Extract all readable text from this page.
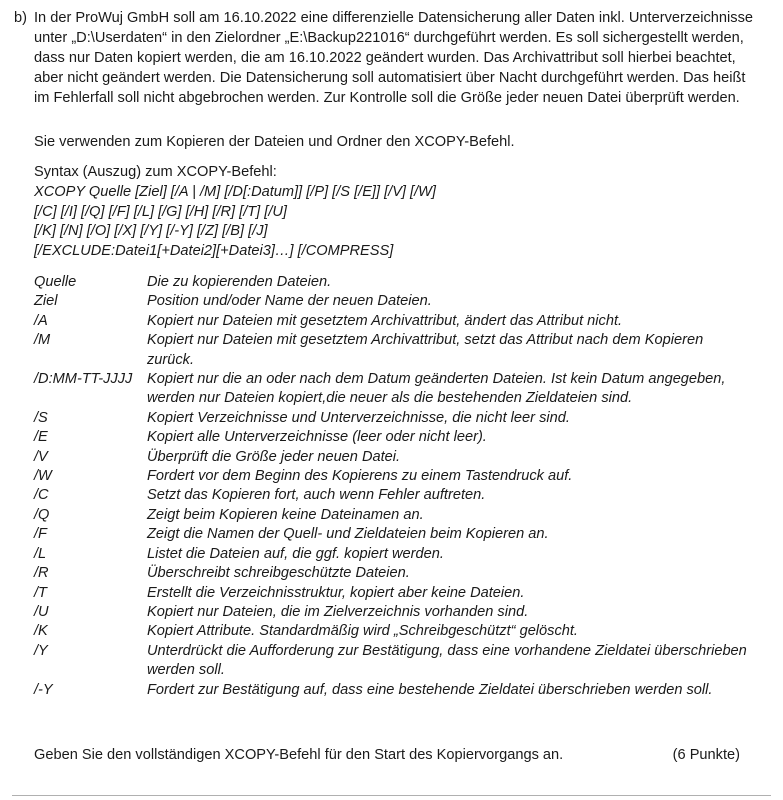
b) In der ProWuj GmbH soll am 16.10.2022 eine differenzielle Datensicherung aller Daten inkl. Unterverzeichnisse unter „D:\Userdaten“ in den Zielordner „E:\Backup221016“ durchgeführt werden. Es soll sichergestellt werden, dass nur Daten kopiert werden, die am 16.10.2022 geändert wurden. Das Archivattribut soll hierbei beachtet, aber nicht geändert werden. Die Datensicherung soll automatisiert über Nacht durchgeführt werden. Das heißt im Fehlerfall soll nicht abgebrochen werden. Zur Kontrolle soll die Größe jeder neuen Datei überprüft werden.
Sie verwenden zum Kopieren der Dateien und Ordner den XCOPY-Befehl.
Syntax (Auszug) zum XCOPY-Befehl:
XCOPY Quelle [Ziel] [/A | /M] [/D[:Datum]] [/P] [/S [/E]] [/V] [/W]
[/C] [/I] [/Q] [/F] [/L] [/G] [/H] [/R] [/T] [/U]
[/K] [/N] [/O] [/X] [/Y] [/-Y] [/Z] [/B] [/J]
[/EXCLUDE:Datei1[+Datei2][+Datei3]…] [/COMPRESS]
Quelle	Die zu kopierenden Dateien.
Ziel	Position und/oder Name der neuen Dateien.
/A	Kopiert nur Dateien mit gesetztem Archivattribut, ändert das Attribut nicht.
/M	Kopiert nur Dateien mit gesetztem Archivattribut, setzt das Attribut nach dem Kopieren zurück.
/D:MM-TT-JJJJ	Kopiert nur die an oder nach dem Datum geänderten Dateien. Ist kein Datum angegeben, werden nur Dateien kopiert,die neuer als die bestehenden Zieldateien sind.
/S	Kopiert Verzeichnisse und Unterverzeichnisse, die nicht leer sind.
/E	Kopiert alle Unterverzeichnisse (leer oder nicht leer).
/V	Überprüft die Größe jeder neuen Datei.
/W	Fordert vor dem Beginn des Kopierens zu einem Tastendruck auf.
/C	Setzt das Kopieren fort, auch wenn Fehler auftreten.
/Q	Zeigt beim Kopieren keine Dateinamen an.
/F	Zeigt die Namen der Quell- und Zieldateien beim Kopieren an.
/L	Listet die Dateien auf, die ggf. kopiert werden.
/R	Überschreibt schreibgeschützte Dateien.
/T	Erstellt die Verzeichnisstruktur, kopiert aber keine Dateien.
/U	Kopiert nur Dateien, die im Zielverzeichnis vorhanden sind.
/K	Kopiert Attribute. Standardmäßig wird „Schreibgeschützt“ gelöscht.
/Y	Unterdrückt die Aufforderung zur Bestätigung, dass eine vorhandene Zieldatei überschrieben werden soll.
/-Y	Fordert zur Bestätigung auf, dass eine bestehende Zieldatei überschrieben werden soll.
Geben Sie den vollständigen XCOPY-Befehl für den Start des Kopiervorgangs an.	(6 Punkte)
